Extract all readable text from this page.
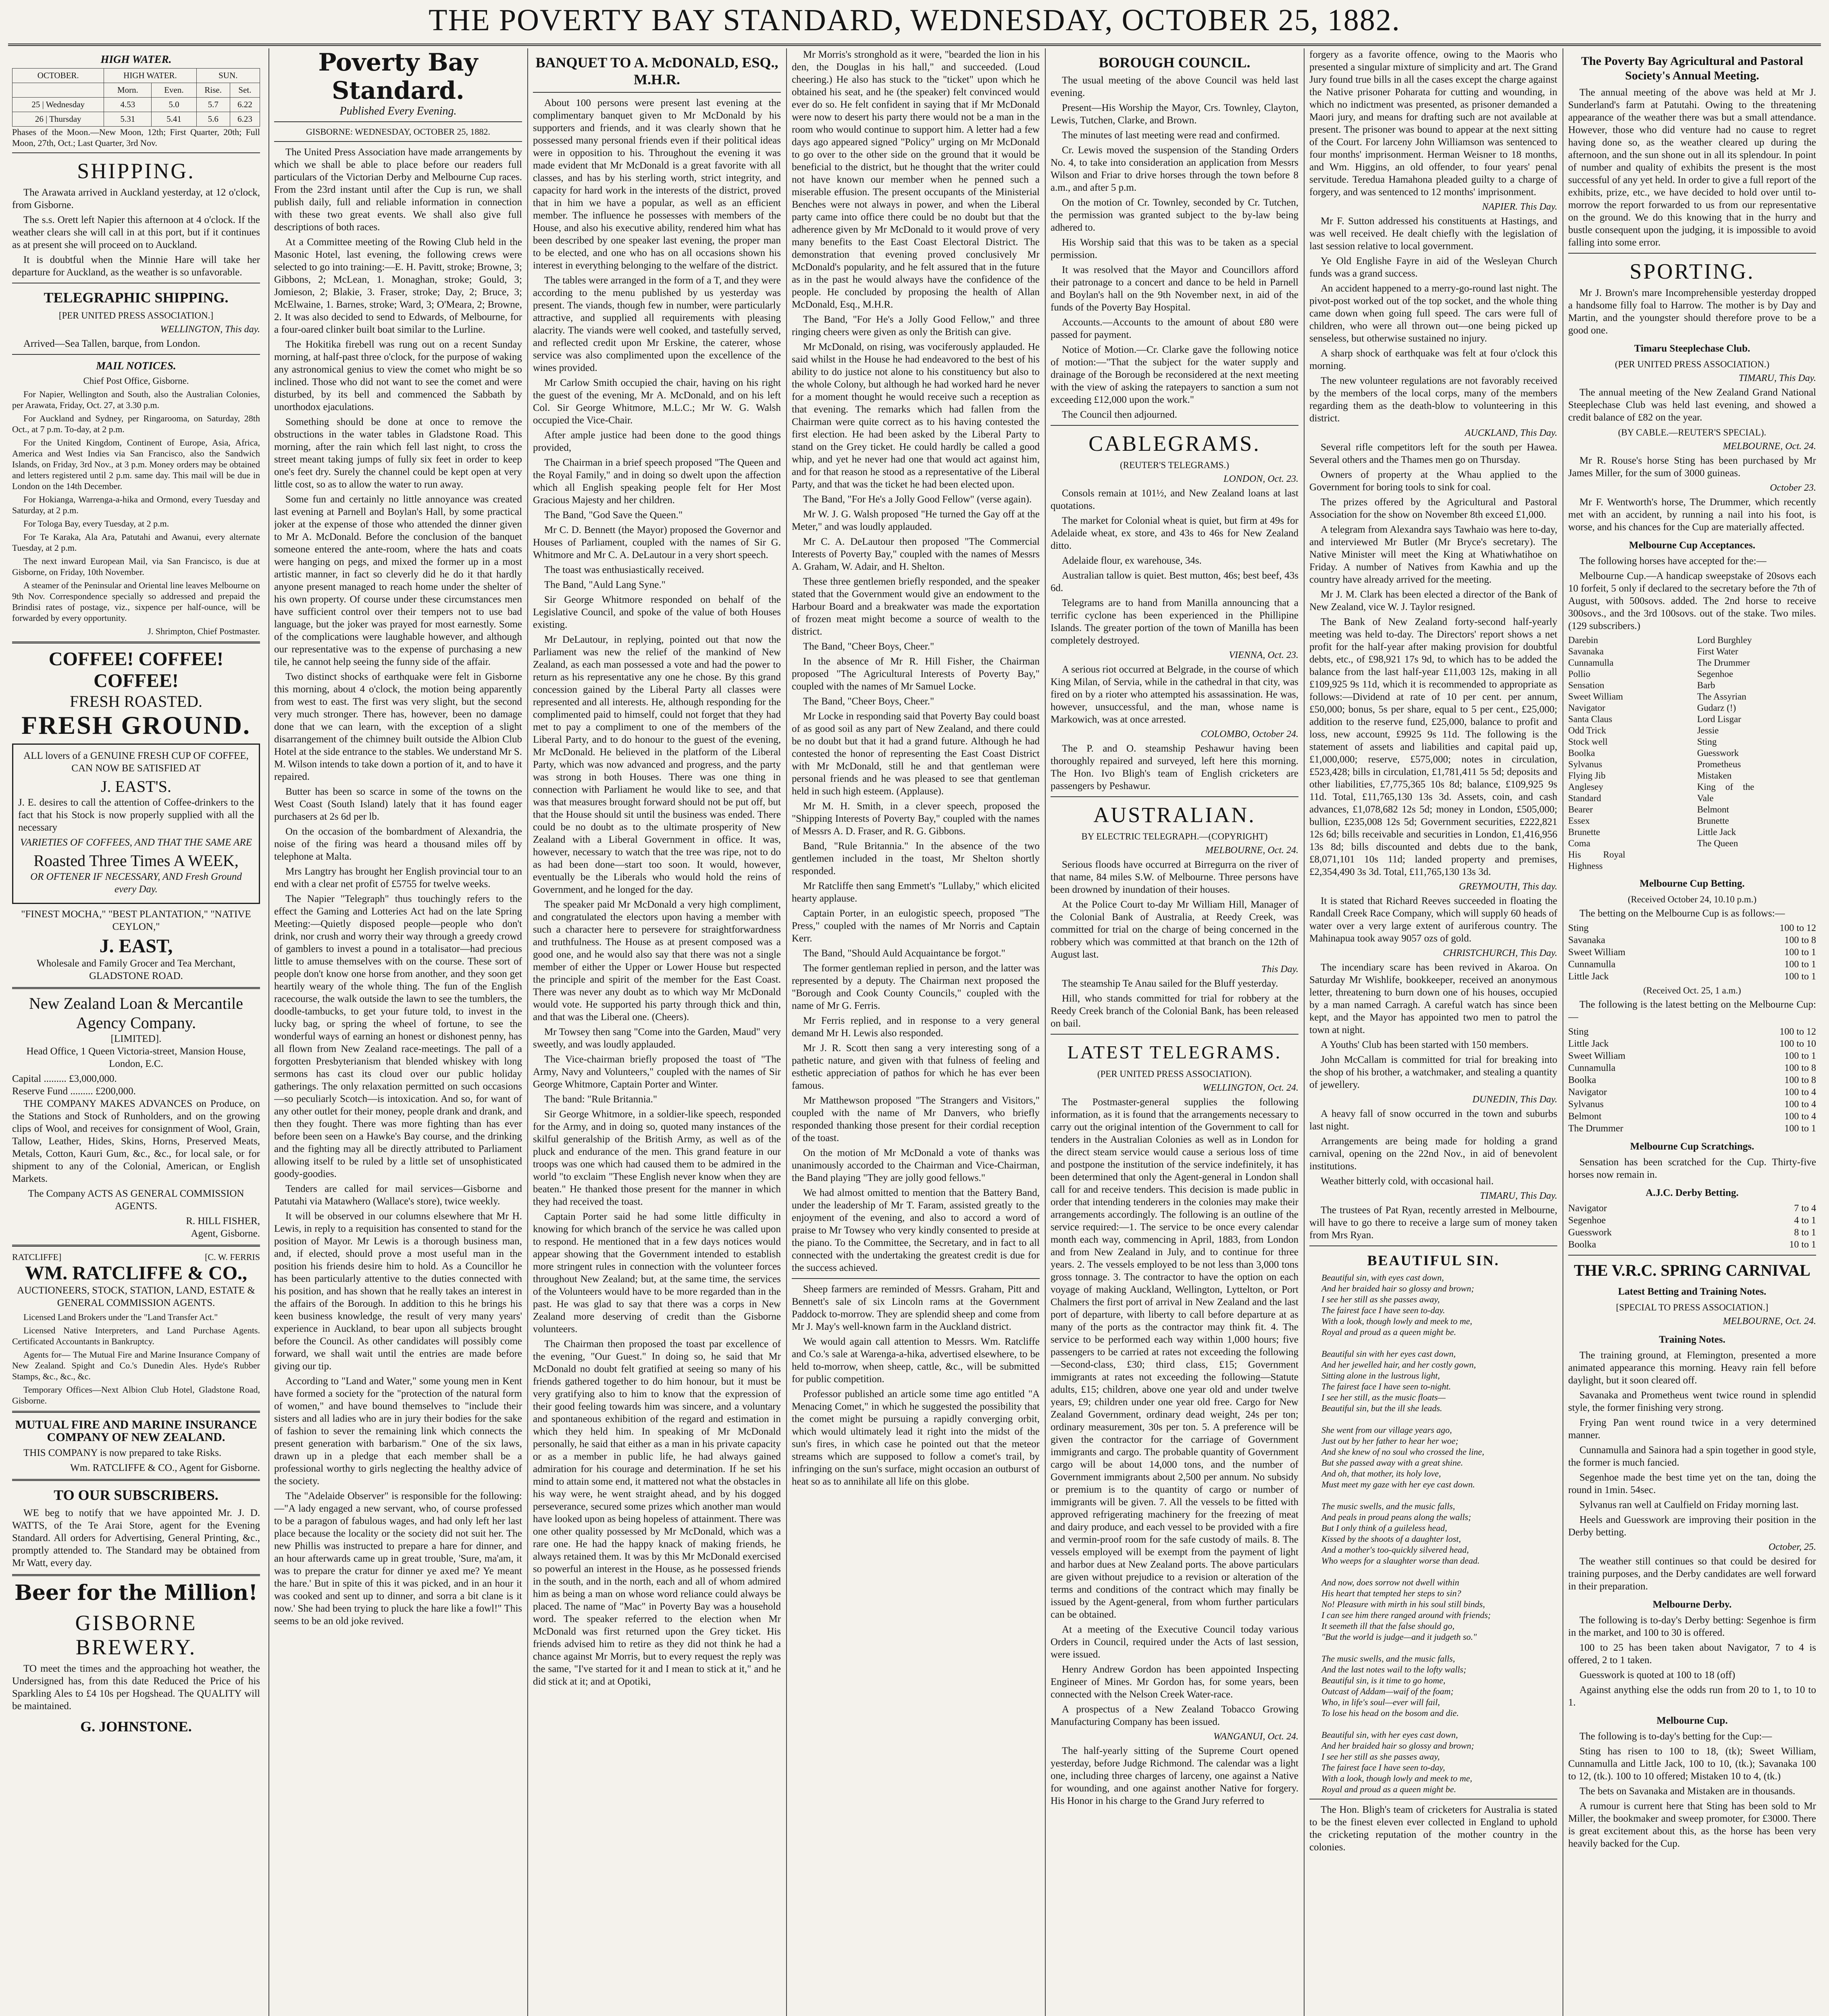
THE POVERTY BAY STANDARD, WEDNESDAY, OCTOBER 25, 1882.
HIGH WATER.
OCTOBER.	HIGH WATER.		SUN.	
	Morn.	Even.	Rise.	Set.
25 | Wednesday	4.53	5.0	5.7	6.22
26 | Thursday	5.31	5.41	5.6	6.23

Phases of the Moon.—New Moon, 12th; First Quarter, 20th; Full Moon, 27th, Oct.; Last Quarter, 3rd Nov.

SHIPPING.

The Arawata arrived in Auckland yesterday, at 12 o'clock, from Gisborne.

The s.s. Orett left Napier this afternoon at 4 o'clock. If the weather clears she will call in at this port, but if it continues as at present she will proceed on to Auckland.

It is doubtful when the Minnie Hare will take her departure for Auckland, as the weather is so unfavorable.

TELEGRAPHIC SHIPPING.
[PER UNITED PRESS ASSOCIATION.]
WELLINGTON, This day.

Arrived—Sea Tallen, barque, from London.

MAIL NOTICES.
Chief Post Office, Gisborne.

For Napier, Wellington and South, also the Australian Colonies, per Arawata, Friday, Oct. 27, at 3.30 p.m.

For Auckland and Sydney, per Ringarooma, on Saturday, 28th Oct., at 7 p.m. To-day, at 2 p.m.

For the United Kingdom, Continent of Europe, Asia, Africa, America and West Indies via San Francisco, also the Sandwich Islands, on Friday, 3rd Nov., at 3 p.m. Money orders may be obtained and letters registered until 2 p.m. same day. This mail will be due in London on the 14th December.

For Hokianga, Warrenga-a-hika and Ormond, every Tuesday and Saturday, at 2 p.m.

For Tologa Bay, every Tuesday, at 2 p.m.

For Te Karaka, Ala Ara, Patutahi and Awanui, every alternate Tuesday, at 2 p.m.

The next inward European Mail, via San Francisco, is due at Gisborne, on Friday, 10th November.

A steamer of the Peninsular and Oriental line leaves Melbourne on 9th Nov. Correspondence specially so addressed and prepaid the Brindisi rates of postage, viz., sixpence per half-ounce, will be forwarded by every opportunity.

J. Shrimpton, Chief Postmaster.
COFFEE! COFFEE! COFFEE!
FRESH ROASTED.
FRESH GROUND.

ALL lovers of a GENUINE FRESH CUP OF COFFEE, CAN NOW BE SATISFIED AT

J. EAST'S.

J. E. desires to call the attention of Coffee-drinkers to the fact that his Stock is now properly supplied with all the necessary

VARIETIES OF COFFEES, AND THAT THE SAME ARE

Roasted Three Times A WEEK,

OR OFTENER IF NECESSARY, AND Fresh Ground every Day.

"FINEST MOCHA," "BEST PLANTATION," "NATIVE CEYLON,"

J. EAST,
Wholesale and Family Grocer and Tea Merchant,
GLADSTONE ROAD.
New Zealand Loan & Mercantile Agency Company.
[LIMITED].

Head Office, 1 Queen Victoria-street, Mansion House, London, E.C.

Capital ......... £3,000,000.
Reserve Fund ......... £200,000.

THE COMPANY MAKES ADVANCES on Produce, on the Stations and Stock of Runholders, and on the growing clips of Wool, and receives for consignment of Wool, Grain, Tallow, Leather, Hides, Skins, Horns, Preserved Meats, Metals, Cotton, Kauri Gum, &c., &c., for local sale, or for shipment to any of the Colonial, American, or English Markets.

The Company ACTS AS GENERAL COMMISSION AGENTS.

R. HILL FISHER,
Agent, Gisborne.
RATCLIFFE]	[C. W. FERRIS
WM. RATCLIFFE & CO.,

AUCTIONEERS, STOCK, STATION, LAND, ESTATE & GENERAL COMMISSION AGENTS.

Licensed Land Brokers under the "Land Transfer Act."

Licensed Native Interpreters, and Land Purchase Agents. Certificated Accountants in Bankruptcy.

Agents for— The Mutual Fire and Marine Insurance Company of New Zealand. Spight and Co.'s Dunedin Ales. Hyde's Rubber Stamps, &c., &c., &c.

Temporary Offices—Next Albion Club Hotel, Gladstone Road, Gisborne.

MUTUAL FIRE AND MARINE INSURANCE COMPANY OF NEW ZEALAND.

THIS COMPANY is now prepared to take Risks.

Wm. RATCLIFFE & CO., Agent for Gisborne.
TO OUR SUBSCRIBERS.

WE beg to notify that we have appointed Mr. J. D. WATTS, of the Te Arai Store, agent for the Evening Standard. All orders for Advertising, General Printing, &c., promptly attended to. The Standard may be obtained from Mr Watt, every day.

Beer for the Million!
GISBORNE BREWERY.

TO meet the times and the approaching hot weather, the Undersigned has, from this date Reduced the Price of his Sparkling Ales to £4 10s per Hogshead. The QUALITY will be maintained.

G. JOHNSTONE.
Poverty Bay Standard.
Published Every Evening.
GISBORNE: WEDNESDAY, OCTOBER 25, 1882.

The United Press Association have made arrangements by which we shall be able to place before our readers full particulars of the Victorian Derby and Melbourne Cup races. From the 23rd instant until after the Cup is run, we shall publish daily, full and reliable information in connection with these two great events. We shall also give full descriptions of both races.

At a Committee meeting of the Rowing Club held in the Masonic Hotel, last evening, the following crews were selected to go into training:—E. H. Pavitt, stroke; Browne, 3; Gibbons, 2; McLean, 1. Monaghan, stroke; Gould, 3; Jomieson, 2; Blakie, 3. Fraser, stroke; Day, 2; Bruce, 3; McElwaine, 1. Barnes, stroke; Ward, 3; O'Meara, 2; Browne, 2. It was also decided to send to Edwards, of Melbourne, for a four-oared clinker built boat similar to the Lurline.

The Hokitika firebell was rung out on a recent Sunday morning, at half-past three o'clock, for the purpose of waking any astronomical genius to view the comet who might be so inclined. Those who did not want to see the comet and were disturbed, by its bell and commenced the Sabbath by unorthodox ejaculations.

Something should be done at once to remove the obstructions in the water tables in Gladstone Road. This morning, after the rain which fell last night, to cross the street meant taking jumps of fully six feet in order to keep one's feet dry. Surely the channel could be kept open at very little cost, so as to allow the water to run away.

Some fun and certainly no little annoyance was created last evening at Parnell and Boylan's Hall, by some practical joker at the expense of those who attended the dinner given to Mr A. McDonald. Before the conclusion of the banquet someone entered the ante-room, where the hats and coats were hanging on pegs, and mixed the former up in a most artistic manner, in fact so cleverly did he do it that hardly anyone present managed to reach home under the shelter of his own property. Of course under these circumstances men have sufficient control over their tempers not to use bad language, but the joker was prayed for most earnestly. Some of the complications were laughable however, and although our representative was to the expense of purchasing a new tile, he cannot help seeing the funny side of the affair.

Two distinct shocks of earthquake were felt in Gisborne this morning, about 4 o'clock, the motion being apparently from west to east. The first was very slight, but the second very much stronger. There has, however, been no damage done that we can learn, with the exception of a slight disarrangement of the chimney built outside the Albion Club Hotel at the side entrance to the stables. We understand Mr S. M. Wilson intends to take down a portion of it, and to have it repaired.

Butter has been so scarce in some of the towns on the West Coast (South Island) lately that it has found eager purchasers at 2s 6d per lb.

On the occasion of the bombardment of Alexandria, the noise of the firing was heard a thousand miles off by telephone at Malta.

Mrs Langtry has brought her English provincial tour to an end with a clear net profit of £5755 for twelve weeks.

The Napier "Telegraph" thus touchingly refers to the effect the Gaming and Lotteries Act had on the late Spring Meeting:—Quietly disposed people—people who don't drink, nor crush and worry their way through a greedy crowd of gamblers to invest a pound in a totalisator—had precious little to amuse themselves with on the course. These sort of people don't know one horse from another, and they soon get heartily weary of the whole thing. The fun of the English racecourse, the walk outside the lawn to see the tumblers, the doodle-tambucks, to get your future told, to invest in the lucky bag, or spring the wheel of fortune, to see the wonderful ways of earning an honest or dishonest penny, has all flown from New Zealand race-meetings. The pall of a forgotten Presbyterianism that blended whiskey with long sermons has cast its cloud over our public holiday gatherings. The only relaxation permitted on such occasions—so peculiarly Scotch—is intoxication. And so, for want of any other outlet for their money, people drank and drank, and then they fought. There was more fighting than has ever before been seen on a Hawke's Bay course, and the drinking and the fighting may all be directly attributed to Parliament allowing itself to be ruled by a little set of unsophisticated goody-goodies.

Tenders are called for mail services—Gisborne and Patutahi via Matawhero (Wallace's store), twice weekly.

It will be observed in our columns elsewhere that Mr H. Lewis, in reply to a requisition has consented to stand for the position of Mayor. Mr Lewis is a thorough business man, and, if elected, should prove a most useful man in the position his friends desire him to hold. As a Councillor he has been particularly attentive to the duties connected with his position, and has shown that he really takes an interest in the affairs of the Borough. In addition to this he brings his keen business knowledge, the result of very many years' experience in Auckland, to bear upon all subjects brought before the Council. As other candidates will possibly come forward, we shall wait until the entries are made before giving our tip.

According to "Land and Water," some young men in Kent have formed a society for the "protection of the natural form of women," and have bound themselves to "include their sisters and all ladies who are in jury their bodies for the sake of fashion to sever the remaining link which connects the present generation with barbarism." One of the six laws, drawn up in a pledge that each member shall be a professional worthy to girls neglecting the healthy advice of the society.

The "Adelaide Observer" is responsible for the following:—"A lady engaged a new servant, who, of course professed to be a paragon of fabulous wages, and had only left her last place because the locality or the society did not suit her. The new Phillis was instructed to prepare a hare for dinner, and an hour afterwards came up in great trouble, 'Sure, ma'am, it was to prepare the cratur for dinner ye axed me? Ye meant the hare.' But in spite of this it was picked, and in an hour it was cooked and sent up to dinner, and sorra a bit clane is it now.' She had been trying to pluck the hare like a fowl!" This seems to be an old joke revived.

BANQUET TO A. McDONALD, ESQ., M.H.R.

About 100 persons were present last evening at the complimentary banquet given to Mr McDonald by his supporters and friends, and it was clearly shown that he possessed many personal friends even if their political ideas were in opposition to his. Throughout the evening it was made evident that Mr McDonald is a great favorite with all classes, and has by his sterling worth, strict integrity, and capacity for hard work in the interests of the district, proved that in him we have a popular, as well as an efficient member. The influence he possesses with members of the House, and also his executive ability, rendered him what has been described by one speaker last evening, the proper man to be elected, and one who has on all occasions shown his interest in everything belonging to the welfare of the district.

The tables were arranged in the form of a T, and they were according to the menu published by us yesterday was present. The viands, though few in number, were particularly attractive, and supplied all requirements with pleasing alacrity. The viands were well cooked, and tastefully served, and reflected credit upon Mr Erskine, the caterer, whose service was also complimented upon the excellence of the wines provided.

Mr Carlow Smith occupied the chair, having on his right the guest of the evening, Mr A. McDonald, and on his left Col. Sir George Whitmore, M.L.C.; Mr W. G. Walsh occupied the Vice-Chair.

After ample justice had been done to the good things provided,

The Chairman in a brief speech proposed "The Queen and the Royal Family," and in doing so dwelt upon the affection which all English speaking people felt for Her Most Gracious Majesty and her children.

The Band, "God Save the Queen."

Mr C. D. Bennett (the Mayor) proposed the Governor and Houses of Parliament, coupled with the names of Sir G. Whitmore and Mr C. A. DeLautour in a very short speech.

The toast was enthusiastically received.

The Band, "Auld Lang Syne."

Sir George Whitmore responded on behalf of the Legislative Council, and spoke of the value of both Houses existing.

Mr DeLautour, in replying, pointed out that now the Parliament was new the relief of the mankind of New Zealand, as each man possessed a vote and had the power to return as his representative any one he chose. By this grand concession gained by the Liberal Party all classes were represented and all interests. He, although responding for the complimented paid to himself, could not forget that they had met to pay a compliment to one of the members of the Liberal Party, and to do honour to the guest of the evening, Mr McDonald. He believed in the platform of the Liberal Party, which was now advanced and progress, and the party was strong in both Houses. There was one thing in connection with Parliament he would like to see, and that was that measures brought forward should not be put off, but that the House should sit until the business was ended. There could be no doubt as to the ultimate prosperity of New Zealand with a Liberal Government in office. It was, however, necessary to watch that the tree was ripe, not to do as had been done—start too soon. It would, however, eventually be the Liberals who would hold the reins of Government, and he longed for the day.

The speaker paid Mr McDonald a very high compliment, and congratulated the electors upon having a member with such a character here to persevere for straightforwardness and truthfulness. The House as at present composed was a good one, and he would also say that there was not a single member of either the Upper or Lower House but respected the principle and spirit of the member for the East Coast. There was never any doubt as to which way Mr McDonald would vote. He supported his party through thick and thin, and that was the Liberal one. (Cheers).

Mr Towsey then sang "Come into the Garden, Maud" very sweetly, and was loudly applauded.

The Vice-chairman briefly proposed the toast of "The Army, Navy and Volunteers," coupled with the names of Sir George Whitmore, Captain Porter and Winter.

The band: "Rule Britannia."

Sir George Whitmore, in a soldier-like speech, responded for the Army, and in doing so, quoted many instances of the skilful generalship of the British Army, as well as of the pluck and endurance of the men. This grand feature in our troops was one which had caused them to be admired in the world "to exclaim "These English never know when they are beaten." He thanked those present for the manner in which they had received the toast.

Captain Porter said he had some little difficulty in knowing for which branch of the service he was called upon to respond. He mentioned that in a few days notices would appear showing that the Government intended to establish more stringent rules in connection with the volunteer forces throughout New Zealand; but, at the same time, the services of the Volunteers would have to be more regarded than in the past. He was glad to say that there was a corps in New Zealand more deserving of credit than the Gisborne volunteers.

The Chairman then proposed the toast par excellence of the evening, "Our Guest." In doing so, he said that Mr McDonald no doubt felt gratified at seeing so many of his friends gathered together to do him honour, but it must be very gratifying also to him to know that the expression of their good feeling towards him was sincere, and a voluntary and spontaneous exhibition of the regard and estimation in which they held him. In speaking of Mr McDonald personally, he said that either as a man in his private capacity or as a member in public life, he had always gained admiration for his courage and determination. If he set his mind to attain some end, it mattered not what the obstacles in his way were, he went straight ahead, and by his dogged perseverance, secured some prizes which another man would have looked upon as being hopeless of attainment. There was one other quality possessed by Mr McDonald, which was a rare one. He had the happy knack of making friends, he always retained them. It was by this Mr McDonald exercised so powerful an interest in the House, as he possessed friends in the south, and in the north, each and all of whom admired him as being a man on whose word reliance could always be placed. The name of "Mac" in Poverty Bay was a household word. The speaker referred to the election when Mr McDonald was first returned upon the Grey ticket. His friends advised him to retire as they did not think he had a chance against Mr Morris, but to every request the reply was the same, "I've started for it and I mean to stick at it," and he did stick at it; and at Opotiki,

Mr Morris's stronghold as it were, "bearded the lion in his den, the Douglas in his hall," and succeeded. (Loud cheering.) He also has stuck to the "ticket" upon which he obtained his seat, and he (the speaker) felt convinced would ever do so. He felt confident in saying that if Mr McDonald were now to desert his party there would not be a man in the room who would continue to support him. A letter had a few days ago appeared signed "Policy" urging on Mr McDonald to go over to the other side on the ground that it would be beneficial to the district, but he thought that the writer could not have known our member when he penned such a miserable effusion. The present occupants of the Ministerial Benches were not always in power, and when the Liberal party came into office there could be no doubt but that the adherence given by Mr McDonald to it would prove of very many benefits to the East Coast Electoral District. The demonstration that evening proved conclusively Mr McDonald's popularity, and he felt assured that in the future as in the past he would always have the confidence of the people. He concluded by proposing the health of Allan McDonald, Esq., M.H.R.

The Band, "For He's a Jolly Good Fellow," and three ringing cheers were given as only the British can give.

Mr McDonald, on rising, was vociferously applauded. He said whilst in the House he had endeavored to the best of his ability to do justice not alone to his constituency but also to the whole Colony, but although he had worked hard he never for a moment thought he would receive such a reception as that evening. The remarks which had fallen from the Chairman were quite correct as to his having contested the first election. He had been asked by the Liberal Party to stand on the Grey ticket. He could hardly be called a good whip, and yet he never had one that would act against him, and for that reason he stood as a representative of the Liberal Party, and that was the ticket he had been elected upon.

The Band, "For He's a Jolly Good Fellow" (verse again).

Mr W. J. G. Walsh proposed "He turned the Gay off at the Meter," and was loudly applauded.

Mr C. A. DeLautour then proposed "The Commercial Interests of Poverty Bay," coupled with the names of Messrs A. Graham, W. Adair, and H. Shelton.

These three gentlemen briefly responded, and the speaker stated that the Government would give an endowment to the Harbour Board and a breakwater was made the exportation of frozen meat might become a source of wealth to the district.

The Band, "Cheer Boys, Cheer."

In the absence of Mr R. Hill Fisher, the Chairman proposed "The Agricultural Interests of Poverty Bay," coupled with the names of Mr Samuel Locke.

The Band, "Cheer Boys, Cheer."

Mr Locke in responding said that Poverty Bay could boast of as good soil as any part of New Zealand, and there could be no doubt but that it had a grand future. Although he had contested the honor of representing the East Coast District with Mr McDonald, still he and that gentleman were personal friends and he was pleased to see that gentleman held in such high esteem. (Applause).

Mr M. H. Smith, in a clever speech, proposed the "Shipping Interests of Poverty Bay," coupled with the names of Messrs A. D. Fraser, and R. G. Gibbons.

Band, "Rule Britannia." In the absence of the two gentlemen included in the toast, Mr Shelton shortly responded.

Mr Ratcliffe then sang Emmett's "Lullaby," which elicited hearty applause.

Captain Porter, in an eulogistic speech, proposed "The Press," coupled with the names of Mr Norris and Captain Kerr.

The Band, "Should Auld Acquaintance be forgot."

The former gentleman replied in person, and the latter was represented by a deputy. The Chairman next proposed the "Borough and Cook County Councils," coupled with the name of Mr G. Ferris.

Mr Ferris replied, and in response to a very general demand Mr H. Lewis also responded.

Mr J. R. Scott then sang a very interesting song of a pathetic nature, and given with that fulness of feeling and esthetic appreciation of pathos for which he has ever been famous.

Mr Matthewson proposed "The Strangers and Visitors," coupled with the name of Mr Danvers, who briefly responded thanking those present for their cordial reception of the toast.

On the motion of Mr McDonald a vote of thanks was unanimously accorded to the Chairman and Vice-Chairman, the Band playing "They are jolly good fellows."

We had almost omitted to mention that the Battery Band, under the leadership of Mr T. Faram, assisted greatly to the enjoyment of the evening, and also to accord a word of praise to Mr Towsey who very kindly consented to preside at the piano. To the Committee, the Secretary, and in fact to all connected with the undertaking the greatest credit is due for the success achieved.

Sheep farmers are reminded of Messrs. Graham, Pitt and Bennett's sale of six Lincoln rams at the Government Paddock to-morrow. They are splendid sheep and come from Mr J. May's well-known farm in the Auckland district.

We would again call attention to Messrs. Wm. Ratcliffe and Co.'s sale at Warenga-a-hika, advertised elsewhere, to be held to-morrow, when sheep, cattle, &c., will be submitted for public competition.

Professor published an article some time ago entitled "A Menacing Comet," in which he suggested the possibility that the comet might be pursuing a rapidly converging orbit, which would ultimately lead it right into the midst of the sun's fires, in which case he pointed out that the meteor streams which are supposed to follow a comet's trail, by infringing on the sun's surface, might occasion an outburst of heat so as to annihilate all life on this globe.

BOROUGH COUNCIL.

The usual meeting of the above Council was held last evening.

Present—His Worship the Mayor, Crs. Townley, Clayton, Lewis, Tutchen, Clarke, and Brown.

The minutes of last meeting were read and confirmed.

Cr. Lewis moved the suspension of the Standing Orders No. 4, to take into consideration an application from Messrs Wilson and Friar to drive horses through the town before 8 a.m., and after 5 p.m.

On the motion of Cr. Townley, seconded by Cr. Tutchen, the permission was granted subject to the by-law being adhered to.

His Worship said that this was to be taken as a special permission.

It was resolved that the Mayor and Councillors afford their patronage to a concert and dance to be held in Parnell and Boylan's hall on the 9th November next, in aid of the funds of the Poverty Bay Hospital.

Accounts.—Accounts to the amount of about £80 were passed for payment.

Notice of Motion.—Cr. Clarke gave the following notice of motion:—"That the subject for the water supply and drainage of the Borough be reconsidered at the next meeting with the view of asking the ratepayers to sanction a sum not exceeding £12,000 upon the work."

The Council then adjourned.

CABLEGRAMS.
(REUTER'S TELEGRAMS.)
LONDON, Oct. 23.

Consols remain at 101½, and New Zealand loans at last quotations.

The market for Colonial wheat is quiet, but firm at 49s for Adelaide wheat, ex store, and 43s to 46s for New Zealand ditto.

Adelaide flour, ex warehouse, 34s.

Australian tallow is quiet. Best mutton, 46s; best beef, 43s 6d.

Telegrams are to hand from Manilla announcing that a terrific cyclone has been experienced in the Phillipine Islands. The greater portion of the town of Manilla has been completely destroyed.

VIENNA, Oct. 23.

A serious riot occurred at Belgrade, in the course of which King Milan, of Servia, while in the cathedral in that city, was fired on by a rioter who attempted his assassination. He was, however, unsuccessful, and the man, whose name is Markowich, was at once arrested.

COLOMBO, October 24.

The P. and O. steamship Peshawur having been thoroughly repaired and surveyed, left here this morning. The Hon. Ivo Bligh's team of English cricketers are passengers by Peshawur.

AUSTRALIAN.
BY ELECTRIC TELEGRAPH.—(COPYRIGHT)
MELBOURNE, Oct. 24.

Serious floods have occurred at Birregurra on the river of that name, 84 miles S.W. of Melbourne. Three persons have been drowned by inundation of their houses.

At the Police Court to-day Mr William Hill, Manager of the Colonial Bank of Australia, at Reedy Creek, was committed for trial on the charge of being concerned in the robbery which was committed at that branch on the 12th of August last.

This Day.

The steamship Te Anau sailed for the Bluff yesterday.

Hill, who stands committed for trial for robbery at the Reedy Creek branch of the Colonial Bank, has been released on bail.

LATEST TELEGRAMS.
(PER UNITED PRESS ASSOCIATION).
WELLINGTON, Oct. 24.

The Postmaster-general supplies the following information, as it is found that the arrangements necessary to carry out the original intention of the Government to call for tenders in the Australian Colonies as well as in London for the direct steam service would cause a serious loss of time and postpone the institution of the service indefinitely, it has been determined that only the Agent-general in London shall call for and receive tenders. This decision is made public in order that intending tenderers in the colonies may make their arrangements accordingly. The following is an outline of the service required:—1. The service to be once every calendar month each way, commencing in April, 1883, from London and from New Zealand in July, and to continue for three years. 2. The vessels employed to be not less than 3,000 tons gross tonnage. 3. The contractor to have the option on each voyage of making Auckland, Wellington, Lyttelton, or Port Chalmers the first port of arrival in New Zealand and the last port of departure, with liberty to call before departure at as many of the ports as the contractor may think fit. 4. The service to be performed each way within 1,000 hours; five passengers to be carried at rates not exceeding the following—Second-class, £30; third class, £15; Government immigrants at rates not exceeding the following—Statute adults, £15; children, above one year old and under twelve years, £9; children under one year old free. Cargo for New Zealand Government, ordinary dead weight, 24s per ton; ordinary measurement, 30s per ton. 5. A preference will be given the contractor for the carriage of Government immigrants and cargo. The probable quantity of Government cargo will be about 14,000 tons, and the number of Government immigrants about 2,500 per annum. No subsidy or premium is to the quantity of cargo or number of immigrants will be given. 7. All the vessels to be fitted with approved refrigerating machinery for the freezing of meat and dairy produce, and each vessel to be provided with a fire and vermin-proof room for the safe custody of mails. 8. The vessels employed will be exempt from the payment of light and harbor dues at New Zealand ports. The above particulars are given without prejudice to a revision or alteration of the terms and conditions of the contract which may finally be issued by the Agent-general, from whom further particulars can be obtained.

At a meeting of the Executive Council today various Orders in Council, required under the Acts of last session, were issued.

Henry Andrew Gordon has been appointed Inspecting Engineer of Mines. Mr Gordon has, for some years, been connected with the Nelson Creek Water-race.

A prospectus of a New Zealand Tobacco Growing Manufacturing Company has been issued.

WANGANUI, Oct. 24.

The half-yearly sitting of the Supreme Court opened yesterday, before Judge Richmond. The calendar was a light one, including three charges of larceny, one against a Native for wounding, and one against another Native for forgery. His Honor in his charge to the Grand Jury referred to

forgery as a favorite offence, owing to the Maoris who presented a singular mixture of simplicity and art. The Grand Jury found true bills in all the cases except the charge against the Native prisoner Poharata for cutting and wounding, in which no indictment was presented, as prisoner demanded a Maori jury, and means for drafting such are not available at present. The prisoner was bound to appear at the next sitting of the Court. For larceny John Williamson was sentenced to four months' imprisonment. Herman Weisner to 18 months, and Wm. Higgins, an old offender, to four years' penal servitude. Teredua Hamahona pleaded guilty to a charge of forgery, and was sentenced to 12 months' imprisonment.

NAPIER. This Day.

Mr F. Sutton addressed his constituents at Hastings, and was well received. He dealt chiefly with the legislation of last session relative to local government.

Ye Old Englishe Fayre in aid of the Wesleyan Church funds was a grand success.

An accident happened to a merry-go-round last night. The pivot-post worked out of the top socket, and the whole thing came down when going full speed. The cars were full of children, who were all thrown out—one being picked up senseless, but otherwise sustained no injury.

A sharp shock of earthquake was felt at four o'clock this morning.

The new volunteer regulations are not favorably received by the members of the local corps, many of the members regarding them as the death-blow to volunteering in this district.

AUCKLAND, This Day.

Several rifle competitors left for the south per Hawea. Several others and the Thames men go on Thursday.

Owners of property at the Whau applied to the Government for boring tools to sink for coal.

The prizes offered by the Agricultural and Pastoral Association for the show on November 8th exceed £1,000.

A telegram from Alexandra says Tawhaio was here to-day, and interviewed Mr Butler (Mr Bryce's secretary). The Native Minister will meet the King at Whatiwhatihoe on Friday. A number of Natives from Kawhia and up the country have already arrived for the meeting.

Mr J. M. Clark has been elected a director of the Bank of New Zealand, vice W. J. Taylor resigned.

The Bank of New Zealand forty-second half-yearly meeting was held to-day. The Directors' report shows a net profit for the half-year after making provision for doubtful debts, etc., of £98,921 17s 9d, to which has to be added the balance from the last half-year £11,003 12s, making in all £109,925 9s 11d, which it is recommended to appropriate as follows:—Dividend at rate of 10 per cent. per annum, £50,000; bonus, 5s per share, equal to 5 per cent., £25,000; addition to the reserve fund, £25,000, balance to profit and loss, new account, £9925 9s 11d. The following is the statement of assets and liabilities and capital paid up, £1,000,000; reserve, £575,000; notes in circulation, £523,428; bills in circulation, £1,781,411 5s 5d; deposits and other liabilities, £7,775,365 10s 8d; balance, £109,925 9s 11d. Total, £11,765,130 13s 3d. Assets, coin, and cash advances, £1,078,682 12s 5d; money in London, £505,000; bullion, £235,008 12s 5d; Government securities, £222,821 12s 6d; bills receivable and securities in London, £1,416,956 13s 8d; bills discounted and debts due to the bank, £8,071,101 10s 11d; landed property and premises, £2,354,490 3s 3d. Total, £11,765,130 13s 3d.

GREYMOUTH, This day.

It is stated that Richard Reeves succeeded in floating the Randall Creek Race Company, which will supply 60 heads of water over a very large extent of auriferous country. The Mahinapua took away 9057 ozs of gold.

CHRISTCHURCH, This Day.

The incendiary scare has been revived in Akaroa. On Saturday Mr Wishlife, bookkeeper, received an anonymous letter, threatening to burn down one of his houses, occupied by a man named Carragh. A careful watch has since been kept, and the Mayor has appointed two men to patrol the town at night.

A Youths' Club has been started with 150 members.

John McCallam is committed for trial for breaking into the shop of his brother, a watchmaker, and stealing a quantity of jewellery.

DUNEDIN, This Day.

A heavy fall of snow occurred in the town and suburbs last night.

Arrangements are being made for holding a grand carnival, opening on the 22nd Nov., in aid of benevolent institutions.

Weather bitterly cold, with occasional hail.

TIMARU, This Day.

The trustees of Pat Ryan, recently arrested in Melbourne, will have to go there to receive a large sum of money taken from Mrs Ryan.

BEAUTIFUL SIN.
Beautiful sin, with eyes cast down,
And her braided hair so glossy and brown;
I see her still as she passes away,
The fairest face I have seen to-day.
With a look, though lowly and meek to me,
Royal and proud as a queen might be.

Beautiful sin with her eyes cast down,
And her jewelled hair, and her costly gown,
Sitting alone in the lustrous light,
The fairest face I have seen to-night.
I see her still, as the music floats—
Beautiful sin, but the ill she leads.

She went from our village years ago,
Just out by her father to hear her woe;
And she knew of no soul who crossed the line,
But she passed away with a great shine.
And oh, that mother, its holy love,
Must meet my gaze with her eye cast down.

The music swells, and the music falls,
And peals in proud peans along the walls;
But I only think of a guileless head,
Kissed by the shoots of a daughter lost,
And a mother's too-quickly silvered head,
Who weeps for a slaughter worse than dead.

And now, does sorrow not dwell within
His heart that tempted her steps to sin?
No! Pleasure with mirth in his soul still binds,
I can see him there ranged around with friends;
It seemeth ill that the false should go,
"But the world is judge—and it judgeth so."

The music swells, and the music falls,
And the last notes wail to the lofty walls;
Beautiful sin, is it time to go home,
Outcast of Addam—waif of the foam;
Who, in life's soul—ever will fail,
To lose his head on the bosom and die.

Beautiful sin, with her eyes cast down,
And her braided hair so glossy and brown;
I see her still as she passes away,
The fairest face I have seen to-day,
With a look, though lowly and meek to me,
Royal and proud as a queen might be.

The Hon. Bligh's team of cricketers for Australia is stated to be the finest eleven ever collected in England to uphold the cricketing reputation of the mother country in the colonies.

The Poverty Bay Agricultural and Pastoral Society's Annual Meeting.

The annual meeting of the above was held at Mr J. Sunderland's farm at Patutahi. Owing to the threatening appearance of the weather there was but a small attendance. However, those who did venture had no cause to regret having done so, as the weather cleared up during the afternoon, and the sun shone out in all its splendour. In point of number and quality of exhibits the present is the most successful of any yet held. In order to give a full report of the exhibits, prize, etc., we have decided to hold over until to-morrow the report forwarded to us from our representative on the ground. We do this knowing that in the hurry and bustle consequent upon the judging, it is impossible to avoid falling into some error.

SPORTING.

Mr J. Brown's mare Incomprehensible yesterday dropped a handsome filly foal to Harrow. The mother is by Day and Martin, and the youngster should therefore prove to be a good one.

Timaru Steeplechase Club.
(PER UNITED PRESS ASSOCIATION.)
TIMARU, This Day.

The annual meeting of the New Zealand Grand National Steeplechase Club was held last evening, and showed a credit balance of £82 on the year.

(BY CABLE.—REUTER'S SPECIAL).
MELBOURNE, Oct. 24.

Mr R. Rouse's horse Sting has been purchased by Mr James Miller, for the sum of 3000 guineas.

October 23.

Mr F. Wentworth's horse, The Drummer, which recently met with an accident, by running a nail into his foot, is worse, and his chances for the Cup are materially affected.

Melbourne Cup Acceptances.

The following horses have accepted for the:—

Melbourne Cup.—A handicap sweepstake of 20sovs each 10 forfeit, 5 only if declared to the secretary before the 7th of August, with 500sovs. added. The 2nd horse to receive 300sovs., and the 3rd 100sovs. out of the stake. Two miles. (129 subscribers.)

Darebin
Savanaka
Cunnamulla
Pollio
Sensation
Sweet William
Navigator
Santa Claus
Odd Trick
Stock well
Boolka
Sylvanus
Flying Jib
Anglesey
Standard Bearer
Essex
Brunette
Coma
His Royal Highness
Lord Burghley
First Water
The Drummer
Segenhoe
Barb
The Assyrian
Gudarz (!)
Lord Lisgar
Jessie
Sting
Guesswork
Prometheus
Mistaken
King of the Vale
Belmont
Brunette
Little Jack
The Queen
Melbourne Cup Betting.
(Received October 24, 10.10 p.m.)

The betting on the Melbourne Cup is as follows:—

Sting	100 to 12
Savanaka	100 to 8
Sweet William	100 to 1
Cunnamulla	100 to 1
Little Jack	100 to 1
(Received Oct. 25, 1 a.m.)

The following is the latest betting on the Melbourne Cup:—

Sting	100 to 12
Little Jack	100 to 10
Sweet William	100 to 1
Cunnamulla	100 to 8
Boolka	100 to 8
Navigator	100 to 4
Sylvanus	100 to 4
Belmont	100 to 4
The Drummer	100 to 1
Melbourne Cup Scratchings.

Sensation has been scratched for the Cup. Thirty-five horses now remain in.

A.J.C. Derby Betting.
Navigator	7 to 4
Segenhoe	4 to 1
Guesswork	8 to 1
Boolka	10 to 1
THE V.R.C. SPRING CARNIVAL
Latest Betting and Training Notes.
[SPECIAL TO PRESS ASSOCIATION.]
MELBOURNE, Oct. 24.
Training Notes.

The training ground, at Flemington, presented a more animated appearance this morning. Heavy rain fell before daylight, but it soon cleared off.

Savanaka and Prometheus went twice round in splendid style, the former finishing very strong.

Frying Pan went round twice in a very determined manner.

Cunnamulla and Sainora had a spin together in good style, the former is much fancied.

Segenhoe made the best time yet on the tan, doing the round in 1min. 54sec.

Sylvanus ran well at Caulfield on Friday morning last.

Heels and Guesswork are improving their position in the Derby betting.

October, 25.

The weather still continues so that could be desired for training purposes, and the Derby candidates are well forward in their preparation.

Melbourne Derby.

The following is to-day's Derby betting: Segenhoe is firm in the market, and 100 to 30 is offered.

100 to 25 has been taken about Navigator, 7 to 4 is offered, 2 to 1 taken.

Guesswork is quoted at 100 to 18 (off)

Against anything else the odds run from 20 to 1, to 10 to 1.

Melbourne Cup.

The following is to-day's betting for the Cup:—

Sting has risen to 100 to 18, (tk); Sweet William, Cunnamulla and Little Jack, 100 to 10, (tk.); Savanaka 100 to 12, (tk.). 100 to 10 offered; Mistaken 10 to 4, (tk.)

The bets on Savanaka and Mistaken are in thousands.

A rumour is current here that Sting has been sold to Mr Miller, the bookmaker and sweep promoter, for £3000. There is great excitement about this, as the horse has been very heavily backed for the Cup.
